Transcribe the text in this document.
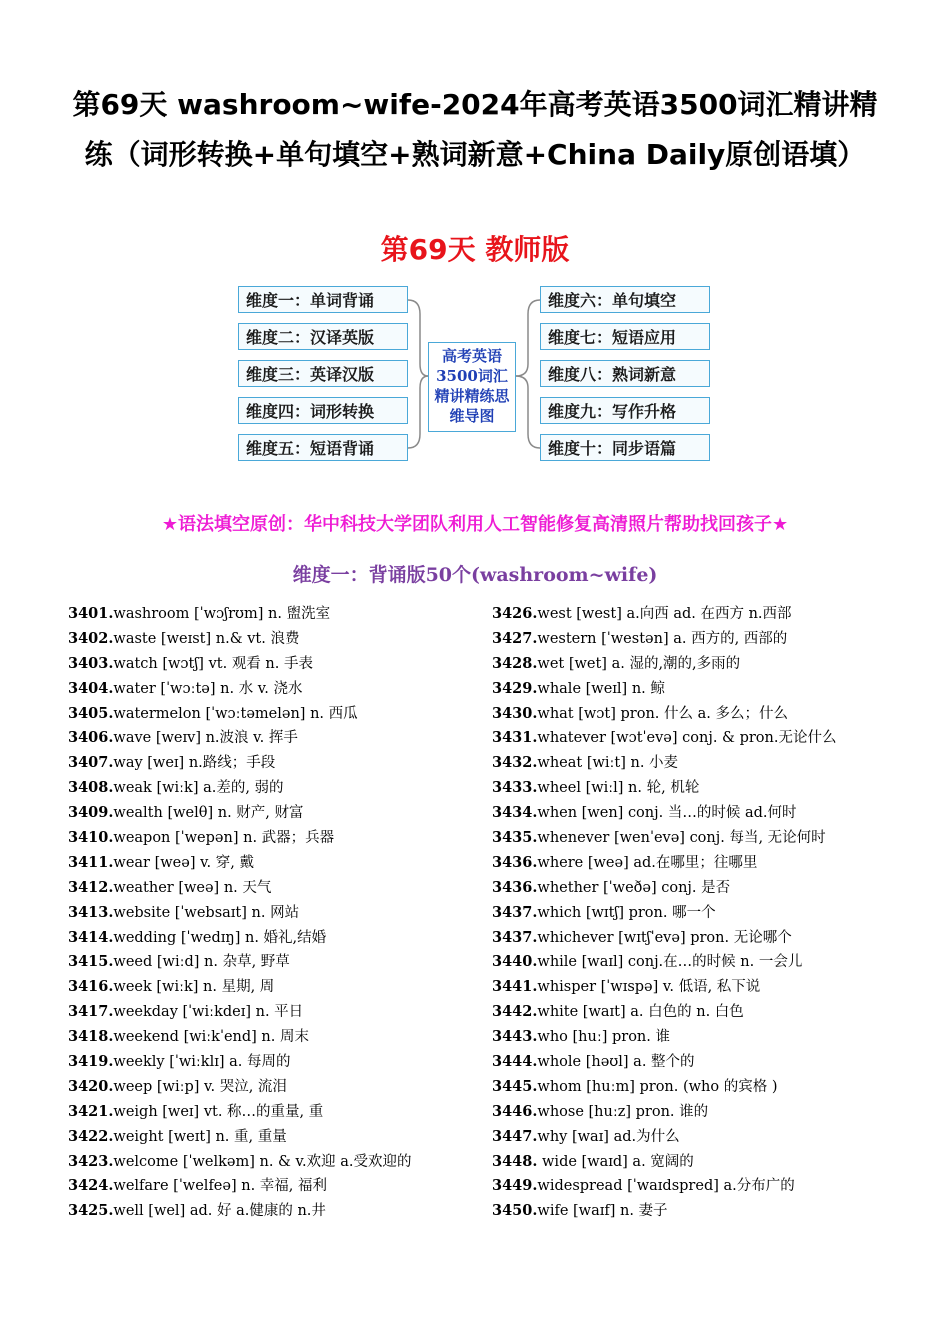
第69天 washroom~wife-2024年高考英语3500词汇精讲精练（词形转换+单句填空+熟词新意+China Daily原创语填）
第69天 教师版
维度一：单词背诵
维度二：汉译英版
维度三：英译汉版
维度四：词形转换
维度五：短语背诵
高考英语3500词汇精讲精练思维导图
维度六：单句填空
维度七：短语应用
维度八：熟词新意
维度九：写作升格
维度十：同步语篇
★语法填空原创：华中科技大学团队利用人工智能修复高清照片帮助找回孩子★
维度一：背诵版50个(washroom~wife)
3401.washroom [ˈwɔʃrʊm] n. 盥洗室
3402.waste [weɪst] n.& vt. 浪费
3403.watch [wɔtʃ] vt. 观看 n. 手表
3404.water [ˈwɔːtə] n. 水 v. 浇水
3405.watermelon [ˈwɔːtəmelən] n. 西瓜
3406.wave [weɪv] n.波浪 v. 挥手
3407.way [weɪ] n.路线；手段
3408.weak [wiːk] a.差的, 弱的
3409.wealth [welθ] n. 财产, 财富
3410.weapon [ˈwepən] n. 武器；兵器
3411.wear [weə] v. 穿, 戴
3412.weather [weə] n. 天气
3413.website [ˈwebsaɪt] n. 网站
3414.wedding [ˈwedɪŋ] n. 婚礼,结婚
3415.weed [wiːd] n. 杂草, 野草
3416.week [wiːk] n. 星期, 周
3417.weekday [ˈwiːkdeɪ] n. 平日
3418.weekend [wiːkˈend] n. 周末
3419.weekly [ˈwiːklɪ] a. 每周的
3420.weep [wiːp] v. 哭泣, 流泪
3421.weigh [weɪ] vt. 称…的重量, 重
3422.weight [weɪt] n. 重, 重量
3423.welcome [ˈwelkəm] n. & v.欢迎 a.受欢迎的
3424.welfare [ˈwelfeə] n. 幸福, 福利
3425.well [wel] ad. 好 a.健康的 n.井
3426.west [west] a.向西 ad. 在西方 n.西部
3427.western [ˈwestən] a. 西方的, 西部的
3428.wet [wet] a. 湿的,潮的,多雨的
3429.whale [weɪl] n. 鲸
3430.what [wɔt] pron. 什么 a. 多么；什么
3431.whatever [wɔtˈevə] conj. & pron.无论什么
3432.wheat [wiːt] n. 小麦
3433.wheel [wiːl] n. 轮, 机轮
3434.when [wen] conj. 当…的时候 ad.何时
3435.whenever [wenˈevə] conj. 每当, 无论何时
3436.where [weə] ad.在哪里；往哪里
3436.whether [ˈweðə] conj. 是否
3437.which [wɪtʃ] pron. 哪一个
3437.whichever [wɪtʃˈevə] pron. 无论哪个
3440.while [waɪl] conj.在…的时候 n. 一会儿
3441.whisper [ˈwɪspə] v. 低语, 私下说
3442.white [waɪt] a. 白色的 n. 白色
3443.who [huː] pron. 谁
3444.whole [həʊl] a. 整个的
3445.whom [huːm] pron. (who 的宾格 )
3446.whose [huːz] pron. 谁的
3447.why [waɪ] ad.为什么
3448. wide [waɪd] a. 宽阔的
3449.widespread [ˈwaɪdspred] a.分布广的
3450.wife [waɪf] n. 妻子
